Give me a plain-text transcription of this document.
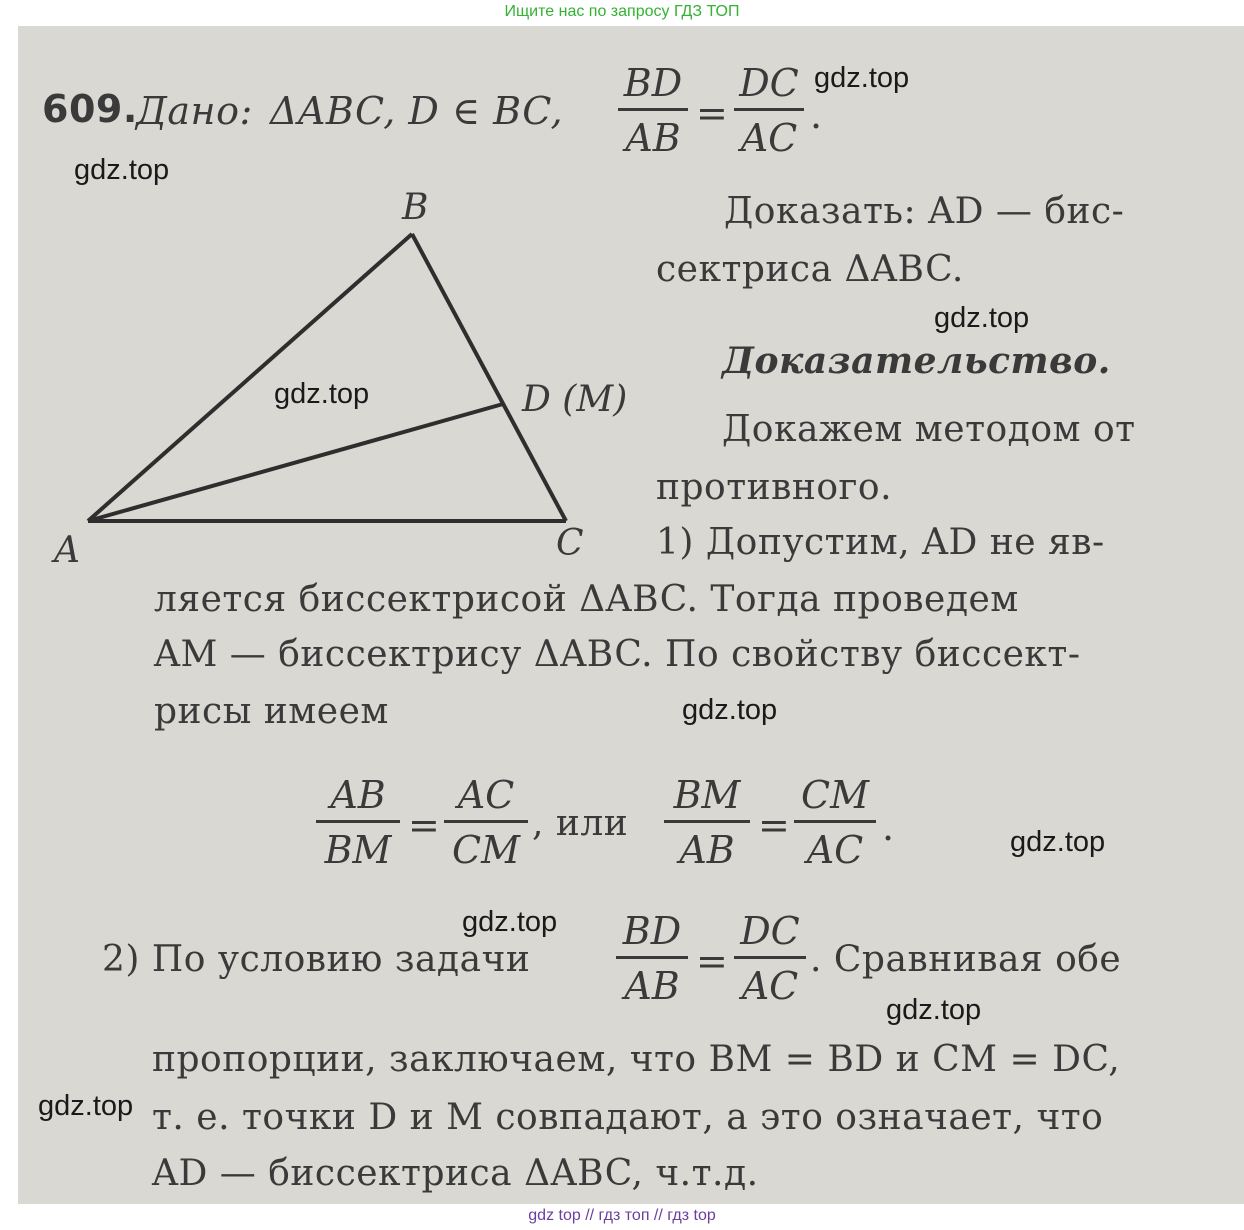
Ищите нас по запросу ГДЗ ТОП
609.
Дано: ΔABC, D ∈ BC,
BD
AB
=
DC
AC
.
A
B
C
D (M)
Доказать: AD — бис-
сектриса ΔABC.
Доказательство.
Докажем методом от
противного.
1) Допустим, AD не яв-
ляется биссектрисой ΔABC. Тогда проведем
AM — биссектрису ΔABC. По свойству биссект-
рисы имеем
AB
BM
=
AC
CM
, или
BM
AB
=
CM
AC
.
2) По условию задачи
BD
AB
=
DC
AC
. Сравнивая обе
пропорции, заключаем, что BM = BD и CM = DC,
т. е. точки D и M совпадают, а это означает, что
AD — биссектриса ΔABC, ч.т.д.
gdz.top
gdz.top
gdz.top
gdz.top
gdz.top
gdz.top
gdz.top
gdz.top
gdz.top
gdz top // гдз топ // гдз top
